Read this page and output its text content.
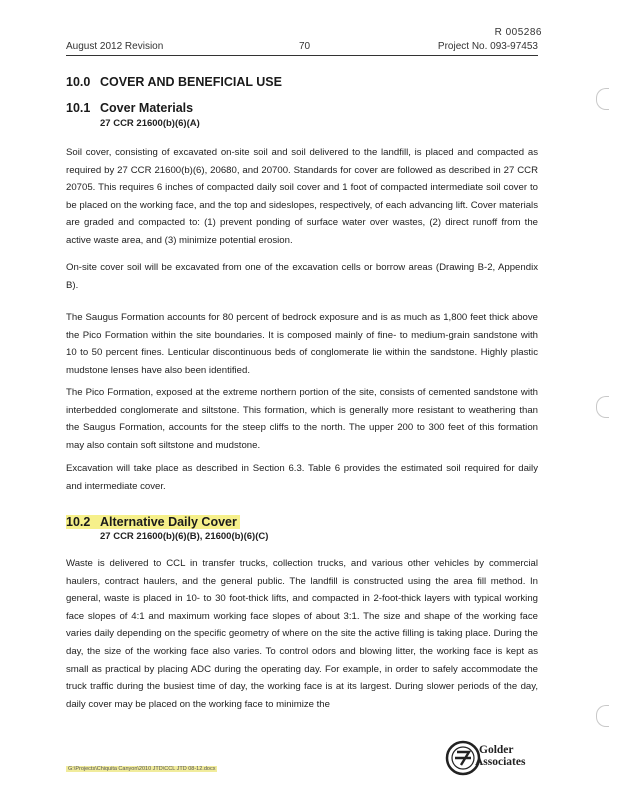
R 005286
August 2012 Revision	70	Project No. 093-97453
10.0 COVER AND BENEFICIAL USE
10.1 Cover Materials
27 CCR 21600(b)(6)(A)
Soil cover, consisting of excavated on-site soil and soil delivered to the landfill, is placed and compacted as required by 27 CCR 21600(b)(6), 20680, and 20700. Standards for cover are followed as described in 27 CCR 20705. This requires 6 inches of compacted daily soil cover and 1 foot of compacted intermediate soil cover to be placed on the working face, and the top and sideslopes, respectively, of each advancing lift. Cover materials are graded and compacted to: (1) prevent ponding of surface water over wastes, (2) direct runoff from the active waste area, and (3) minimize potential erosion.
On-site cover soil will be excavated from one of the excavation cells or borrow areas (Drawing B-2, Appendix B).
The Saugus Formation accounts for 80 percent of bedrock exposure and is as much as 1,800 feet thick above the Pico Formation within the site boundaries. It is composed mainly of fine- to medium-grain sandstone with 10 to 50 percent fines. Lenticular discontinuous beds of conglomerate lie within the sandstone. Highly plastic mudstone lenses have also been identified.
The Pico Formation, exposed at the extreme northern portion of the site, consists of cemented sandstone with interbedded conglomerate and siltstone. This formation, which is generally more resistant to weathering than the Saugus Formation, accounts for the steep cliffs to the north. The upper 200 to 300 feet of this formation may also contain soft siltstone and mudstone.
Excavation will take place as described in Section 6.3. Table 6 provides the estimated soil required for daily and intermediate cover.
10.2 Alternative Daily Cover
27 CCR 21600(b)(6)(B), 21600(b)(6)(C)
Waste is delivered to CCL in transfer trucks, collection trucks, and various other vehicles by commercial haulers, contract haulers, and the general public. The landfill is constructed using the area fill method. In general, waste is placed in 10- to 30 foot-thick lifts, and compacted in 2-foot-thick layers with typical working face slopes of 4:1 and maximum working face slopes of about 3:1. The size and shape of the working face varies daily depending on the specific geometry of where on the site the active filling is taking place. During the day, the size of the working face also varies. To control odors and blowing litter, the working face is kept as small as practical by placing ADC during the operating day. For example, in order to safely accommodate the truck traffic during the busiest time of day, the working face is at its largest. During slower periods of the day, daily cover may be placed on the working face to minimize the
G:\Projects\Chiquita Canyon\2010 JTD\CCL JTD 08-12.docx
Golder
Associates
